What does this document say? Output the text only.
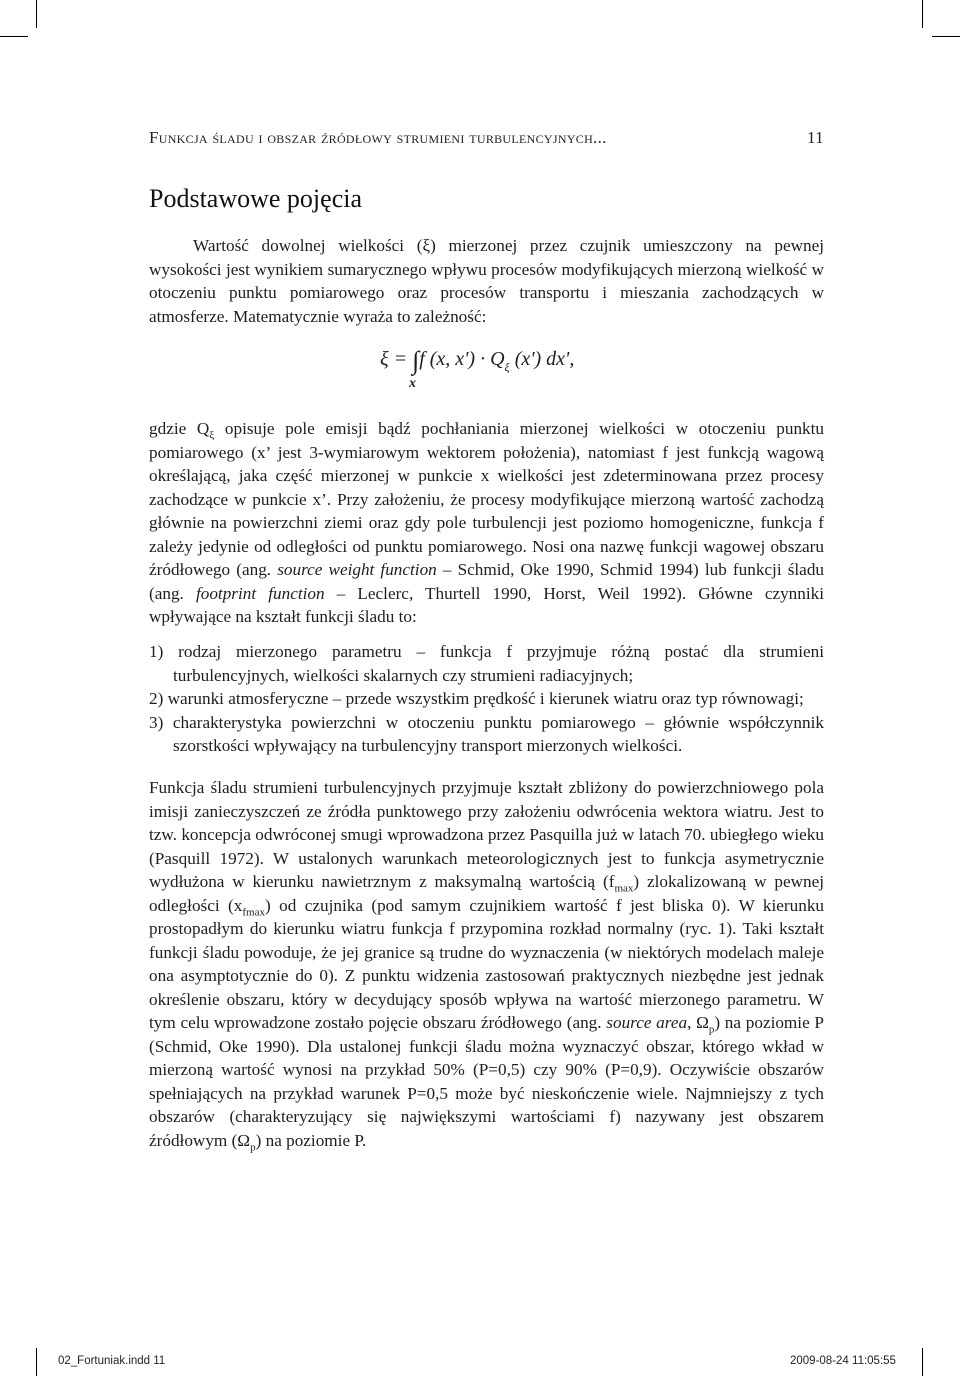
Funkcja śladu i obszar źródłowy strumieni turbulencyjnych...	11
Podstawowe pojęcia
Wartość dowolnej wielkości (ξ) mierzonej przez czujnik umieszczony na pewnej wysokości jest wynikiem sumarycznego wpływu procesów modyfikujących mierzoną wielkość w otoczeniu punktu pomiarowego oraz procesów transportu i mieszania zachodzących w atmosferze. Matematycznie wyraża to zależność:
ξ = ∫f (x, $x') \cdot Q_\xi$ (x') dx',
x
gdzie $Q_\xi$ opisuje pole emisji bądź pochłaniania mierzonej wielkości w otoczeniu punktu pomiarowego (x’ jest 3-wymiarowym wektorem położenia), natomiast f jest funkcją wagową określającą, jaka część mierzonej w punkcie x wielkości jest zdeterminowana przez procesy zachodzące w punkcie x’. Przy założeniu, że procesy modyfikujące mierzoną wartość zachodzą głównie na powierzchni ziemi oraz gdy pole turbulencji jest poziomo homogeniczne, funkcja f zależy jedynie od odległości od punktu pomiarowego. Nosi ona nazwę funkcji wagowej obszaru źródłowego (ang. source weight function – Schmid, Oke 1990, Schmid 1994) lub funkcji śladu (ang. footprint function – Leclerc, Thurtell 1990, Horst, Weil 1992). Główne czynniki wpływające na kształt funkcji śladu to:
1) rodzaj mierzonego parametru – funkcja f przyjmuje różną postać dla strumieni turbulencyjnych, wielkości skalarnych czy strumieni radiacyjnych;
2) warunki atmosferyczne – przede wszystkim prędkość i kierunek wiatru oraz typ równowagi;
3) charakterystyka powierzchni w otoczeniu punktu pomiarowego – głównie współczynnik szorstkości wpływający na turbulencyjny transport mierzonych wielkości.
Funkcja śladu strumieni turbulencyjnych przyjmuje kształt zbliżony do powierzchniowego pola imisji zanieczyszczeń ze źródła punktowego przy założeniu odwrócenia wektora wiatru. Jest to tzw. koncepcja odwróconej smugi wprowadzona przez Pasquilla już w latach 70. ubiegłego wieku (Pasquill 1972). W ustalonych warunkach meteorologicznych jest to funkcja asymetrycznie wydłużona w kierunku nawietrznym z maksymalną wartością $(f_{max})$ zlokalizowaną w pewnej odległości $(x_{fmax})$ od czujnika (pod samym czujnikiem wartość f jest bliska 0). W kierunku prostopadłym do kierunku wiatru funkcja f przypomina rozkład normalny (ryc. 1). Taki kształt funkcji śladu powoduje, że jej granice są trudne do wyznaczenia (w niektórych modelach maleje ona asymptotycznie do 0). Z punktu widzenia zastosowań praktycznych niezbędne jest jednak określenie obszaru, który w decydujący sposób wpływa na wartość mierzonego parametru. W tym celu wprowadzone zostało pojęcie obszaru źródłowego (ang. source area, $\Omega_p$) na poziomie P (Schmid, Oke 1990). Dla ustalonej funkcji śladu można wyznaczyć obszar, którego wkład w mierzoną wartość wynosi na przykład 50% (P=0,5) czy 90% (P=0,9). Oczywiście obszarów spełniających na przykład warunek P=0,5 może być nieskończenie wiele. Najmniejszy z tych obszarów (charakteryzujący się największymi wartościami f) nazywany jest obszarem źródłowym $(\Omega_p)$ na poziomie P.
02_Fortuniak.indd 11	2009-08-24 11:05:55
